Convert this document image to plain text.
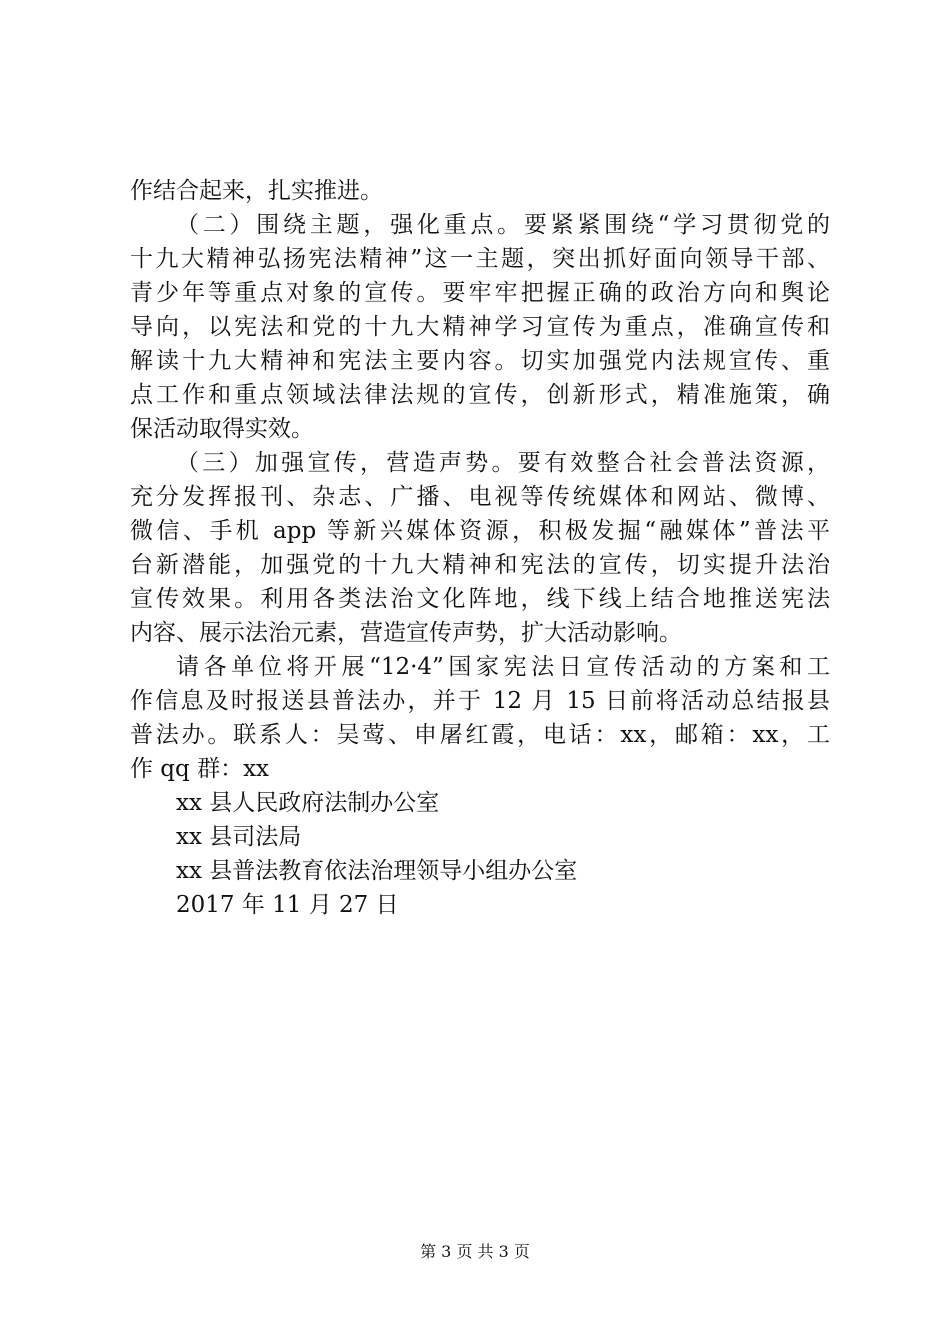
作结合起来，扎实推进。
（二）围绕主题，强化重点。要紧紧围绕“学习贯彻党的
十九大精神弘扬宪法精神”这一主题，突出抓好面向领导干部、
青少年等重点对象的宣传。要牢牢把握正确的政治方向和舆论
导向，以宪法和党的十九大精神学习宣传为重点，准确宣传和
解读十九大精神和宪法主要内容。切实加强党内法规宣传、重
点工作和重点领域法律法规的宣传，创新形式，精准施策，确
保活动取得实效。
（三）加强宣传，营造声势。要有效整合社会普法资源，
充分发挥报刊、杂志、广播、电视等传统媒体和网站、微博、
微信、手机 app 等新兴媒体资源，积极发掘“融媒体”普法平
台新潜能，加强党的十九大精神和宪法的宣传，切实提升法治
宣传效果。利用各类法治文化阵地，线下线上结合地推送宪法
内容、展示法治元素，营造宣传声势，扩大活动影响。
请各单位将开展“12·4”国家宪法日宣传活动的方案和工
作信息及时报送县普法办，并于 12 月 15 日前将活动总结报县
普法办。联系人：吴莺、申屠红霞，电话：xx，邮箱：xx，工
作 qq 群：xx
xx 县人民政府法制办公室
xx 县司法局
xx 县普法教育依法治理领导小组办公室
2017 年 11 月 27 日
第 3 页 共 3 页
